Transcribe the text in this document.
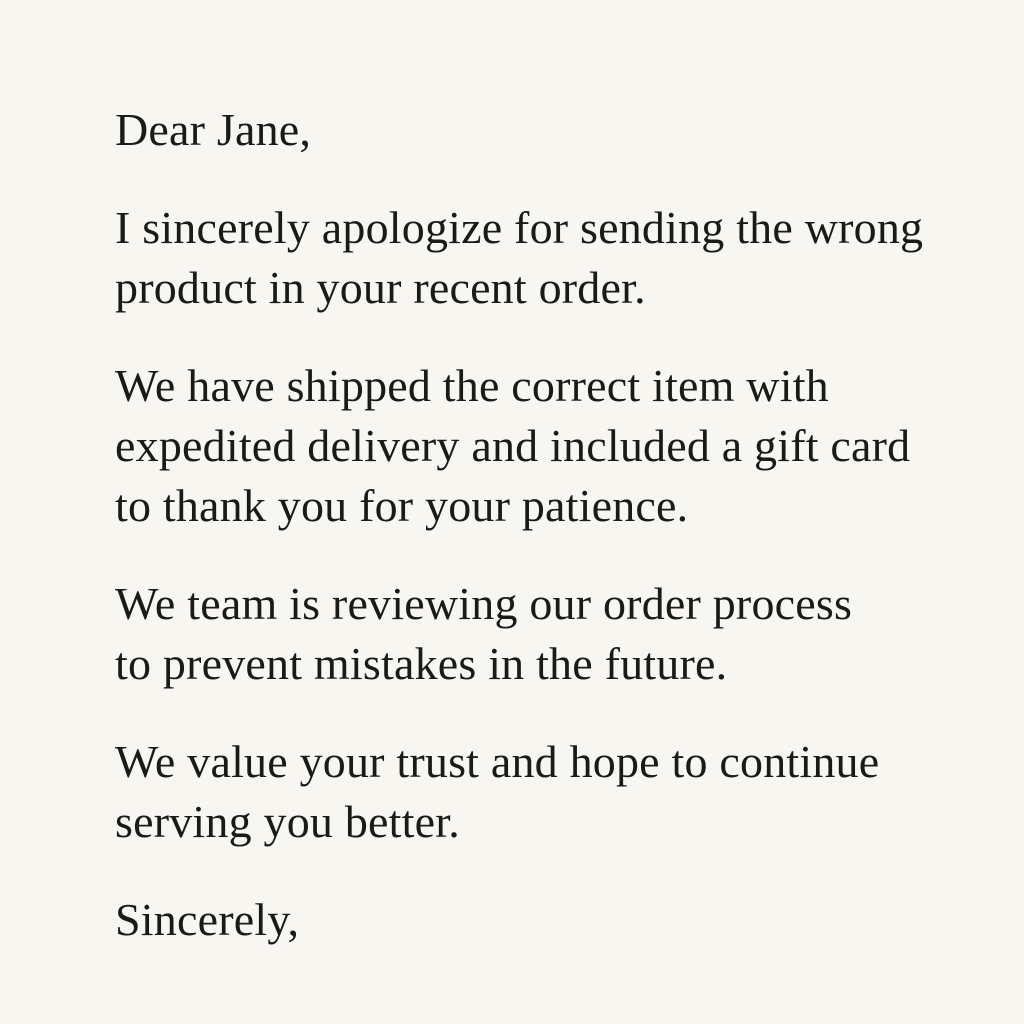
Dear Jane,
I sincerely apologize for sending the wrong
product in your recent order.
We have shipped the correct item with
expedited delivery and included a gift card
to thank you for your patience.
We team is reviewing our order process
to prevent mistakes in the future.
We value your trust and hope to continue
serving you better.
Sincerely,
